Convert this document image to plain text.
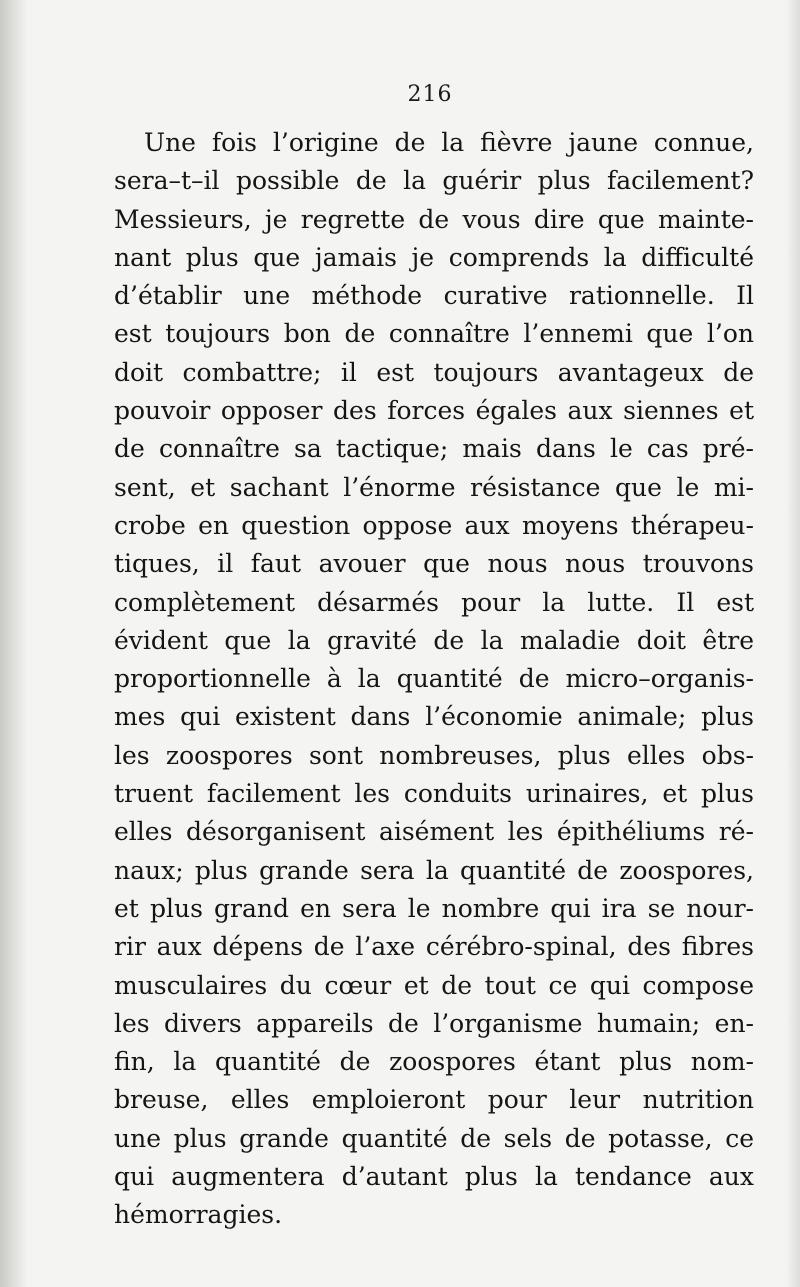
216
Une fois l’origine de la fièvre jaune connue,
sera–t–il possible de la guérir plus facilement?
Messieurs, je regrette de vous dire que mainte-
nant plus que jamais je comprends la difficulté
d’établir une méthode curative rationnelle. Il
est toujours bon de connaître l’ennemi que l’on
doit combattre; il est toujours avantageux de
pouvoir opposer des forces égales aux siennes et
de connaître sa tactique; mais dans le cas pré-
sent, et sachant l’énorme résistance que le mi-
crobe en question oppose aux moyens thérapeu-
tiques, il faut avouer que nous nous trouvons
complètement désarmés pour la lutte. Il est
évident que la gravité de la maladie doit être
proportionnelle à la quantité de micro–organis-
mes qui existent dans l’économie animale; plus
les zoospores sont nombreuses, plus elles obs-
truent facilement les conduits urinaires, et plus
elles désorganisent aisément les épithéliums ré-
naux; plus grande sera la quantité de zoospores,
et plus grand en sera le nombre qui ira se nour-
rir aux dépens de l’axe cérébro-spinal, des fibres
musculaires du cœur et de tout ce qui compose
les divers appareils de l’organisme humain; en-
fin, la quantité de zoospores étant plus nom-
breuse, elles emploieront pour leur nutrition
une plus grande quantité de sels de potasse, ce
qui augmentera d’autant plus la tendance aux
hémorragies.
